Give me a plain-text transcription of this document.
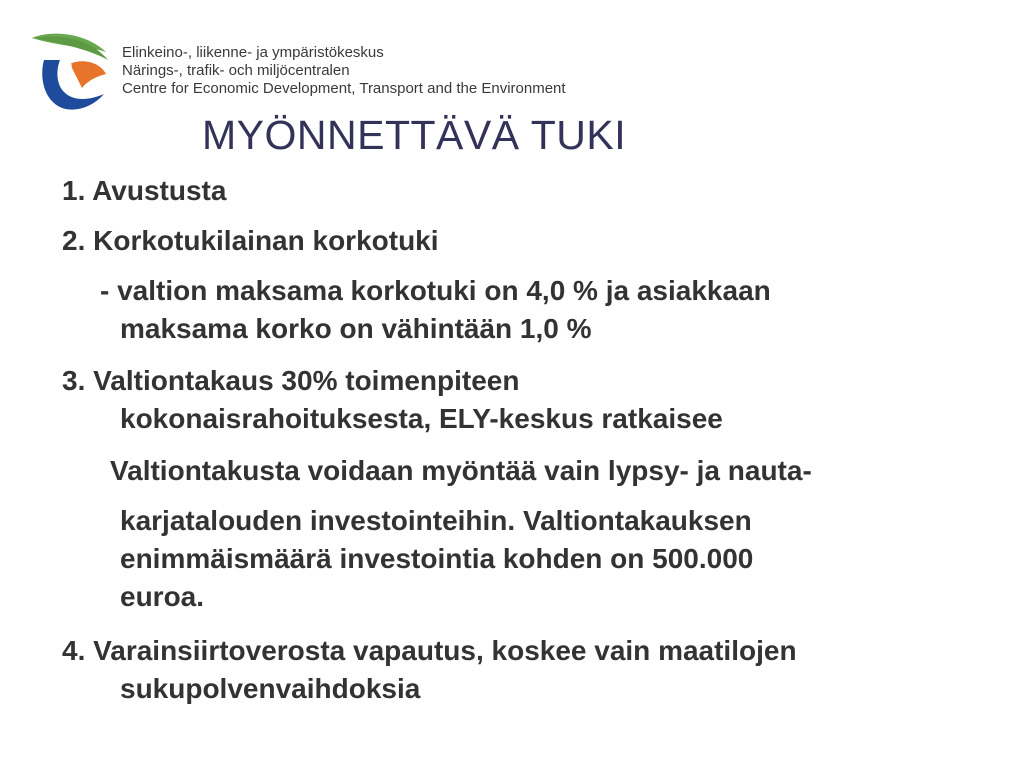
Elinkeino-, liikenne- ja ympäristökeskus
Närings-, trafik- och miljöcentralen
Centre for Economic Development, Transport and the Environment
MYÖNNETTÄVÄ TUKI
1. Avustusta
2. Korkotukilainan korkotuki
- valtion maksama korkotuki on 4,0 % ja asiakkaan
maksama korko on vähintään 1,0 %
3. Valtiontakaus 30% toimenpiteen
kokonaisrahoituksesta, ELY-keskus ratkaisee
Valtiontakusta voidaan myöntää vain lypsy- ja nauta-
karjatalouden investointeihin. Valtiontakauksen
enimmäismäärä investointia kohden on 500.000
euroa.
4. Varainsiirtoverosta vapautus, koskee vain maatilojen
sukupolvenvaihdoksia
